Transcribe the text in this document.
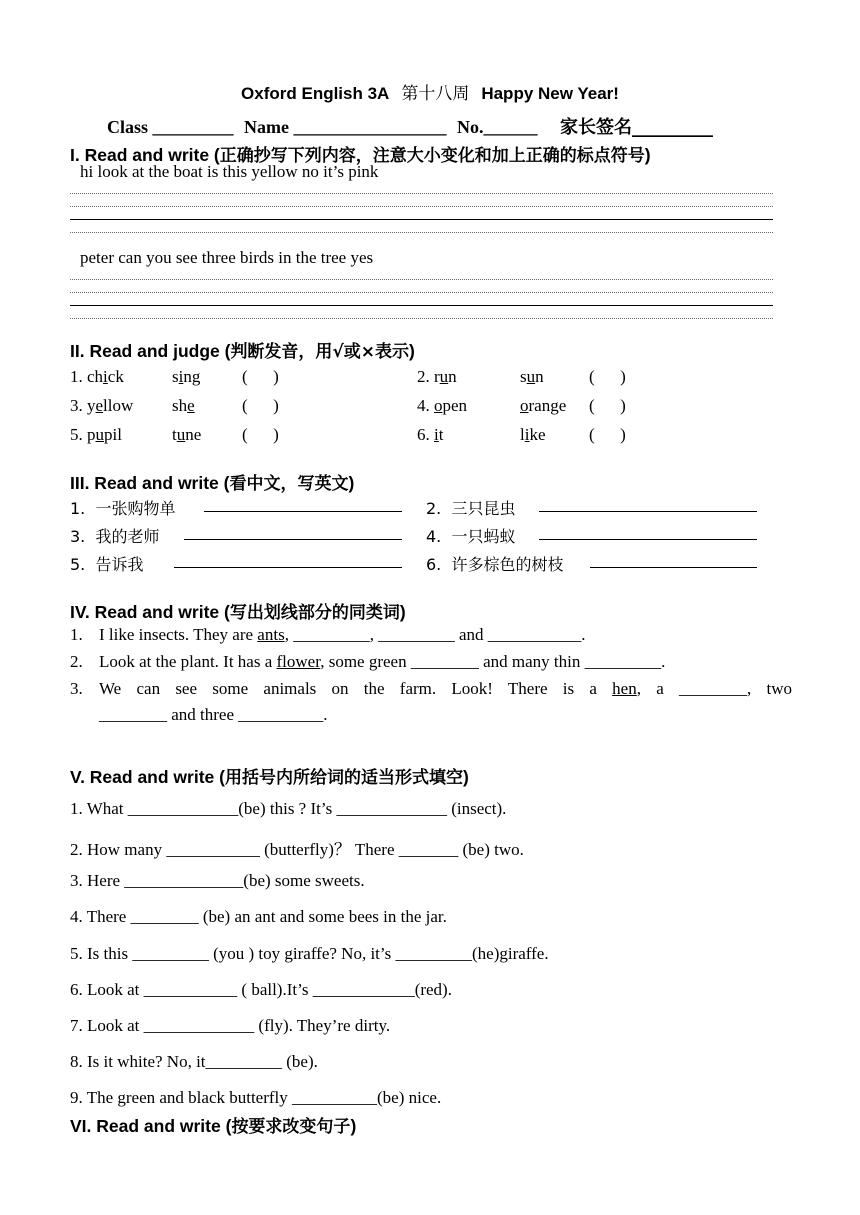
Oxford English 3A 第十八周 Happy New Year!
Class _________ Name _________________ No.______ 家长签名_________
I. Read and write (正确抄写下列内容，注意大小变化和加上正确的标点符号)
hi look at the boat is this yellow no it’s pink
peter can you see three birds in the tree yes
II. Read and judge (判断发音，用√或×表示)
1. chick	sing (      )	2. run	sun	(      )
3. yellow she	(      )	4. open	orange (      )
5. pupil	tune (      )	6. it	like	(      )
III. Read and write (看中文，写英文)
1. 一张购物单	2. 三只昆虫
3. 我的老师	4. 一只蚂蚁
5. 告诉我	6. 许多棕色的树枝
IV. Read and write (写出划线部分的同类词)
1. I like insects. They are ants, _________, _________ and ___________.
2. Look at the plant. It has a flower, some green ________ and many thin _________.
3. We can see some animals on the farm. Look! There is a hen, a ________, two
________ and three __________.
V. Read and write (用括号内所给词的适当形式填空)
1. What _____________(be) this ? It’s _____________ (insect).
2. How many ___________ (butterfly)？ There _______ (be) two.
3. Here ______________(be) some sweets.
4. There ________ (be) an ant and some bees in the jar.
5. Is this _________ (you ) toy giraffe? No, it’s _________(he)giraffe.
6. Look at ___________ ( ball).It’s ____________(red).
7. Look at _____________ (fly). They’re dirty.
8. Is it white? No, it_________ (be).
9. The green and black butterfly __________(be) nice.
VI. Read and write (按要求改变句子)
